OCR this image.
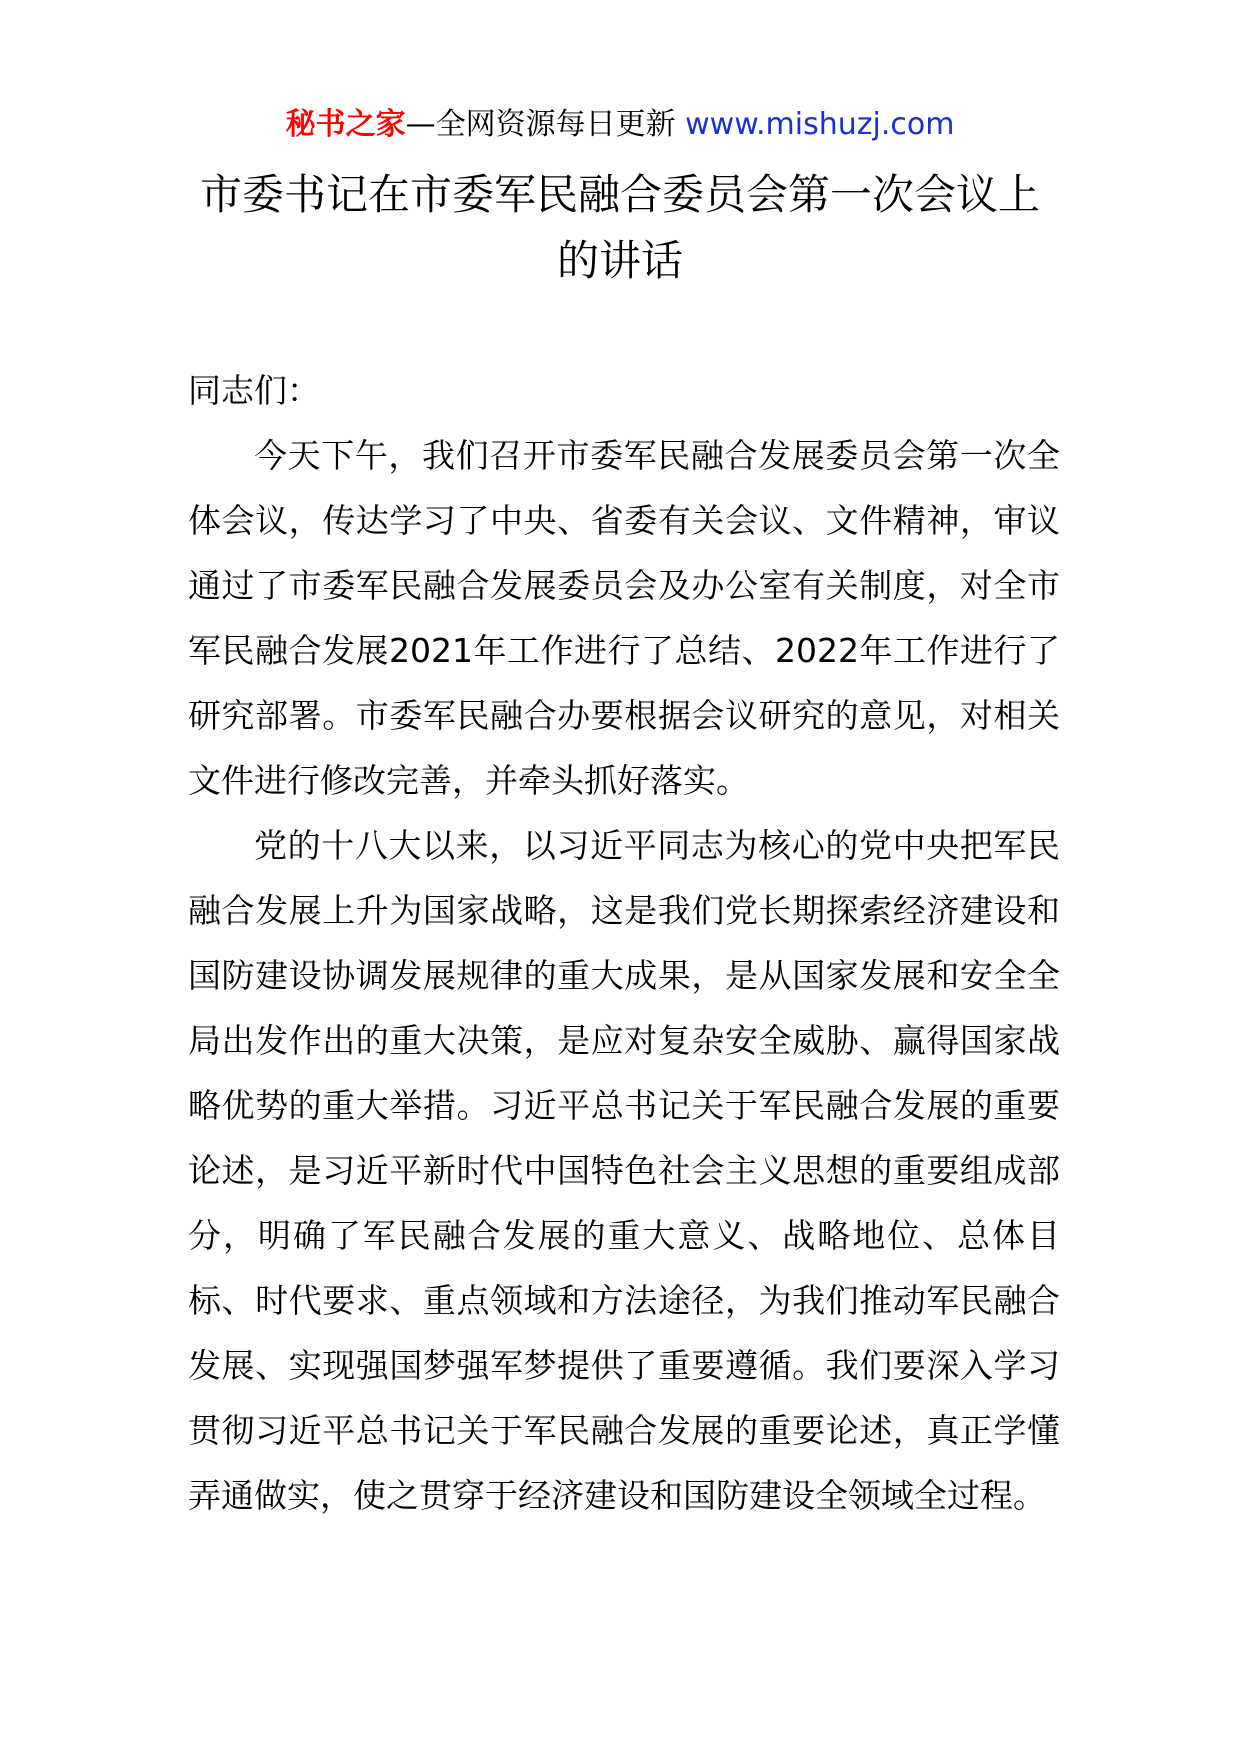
秘书之家—全网资源每日更新 www.mishuzj.com
市委书记在市委军民融合委员会第一次会议上的讲话

同志们：

今天下午，我们召开市委军民融合发展委员会第一次全体会议，传达学习了中央、省委有关会议、文件精神，审议通过了市委军民融合发展委员会及办公室有关制度，对全市军民融合发展2021年工作进行了总结、2022年工作进行了研究部署。市委军民融合办要根据会议研究的意见，对相关文件进行修改完善，并牵头抓好落实。

党的十八大以来，以习近平同志为核心的党中央把军民融合发展上升为国家战略，这是我们党长期探索经济建设和国防建设协调发展规律的重大成果，是从国家发展和安全全局出发作出的重大决策，是应对复杂安全威胁、赢得国家战略优势的重大举措。习近平总书记关于军民融合发展的重要论述，是习近平新时代中国特色社会主义思想的重要组成部分，明确了军民融合发展的重大意义、战略地位、总体目标、时代要求、重点领域和方法途径，为我们推动军民融合发展、实现强国梦强军梦提供了重要遵循。我们要深入学习贯彻习近平总书记关于军民融合发展的重要论述，真正学懂弄通做实，使之贯穿于经济建设和国防建设全领域全过程。
